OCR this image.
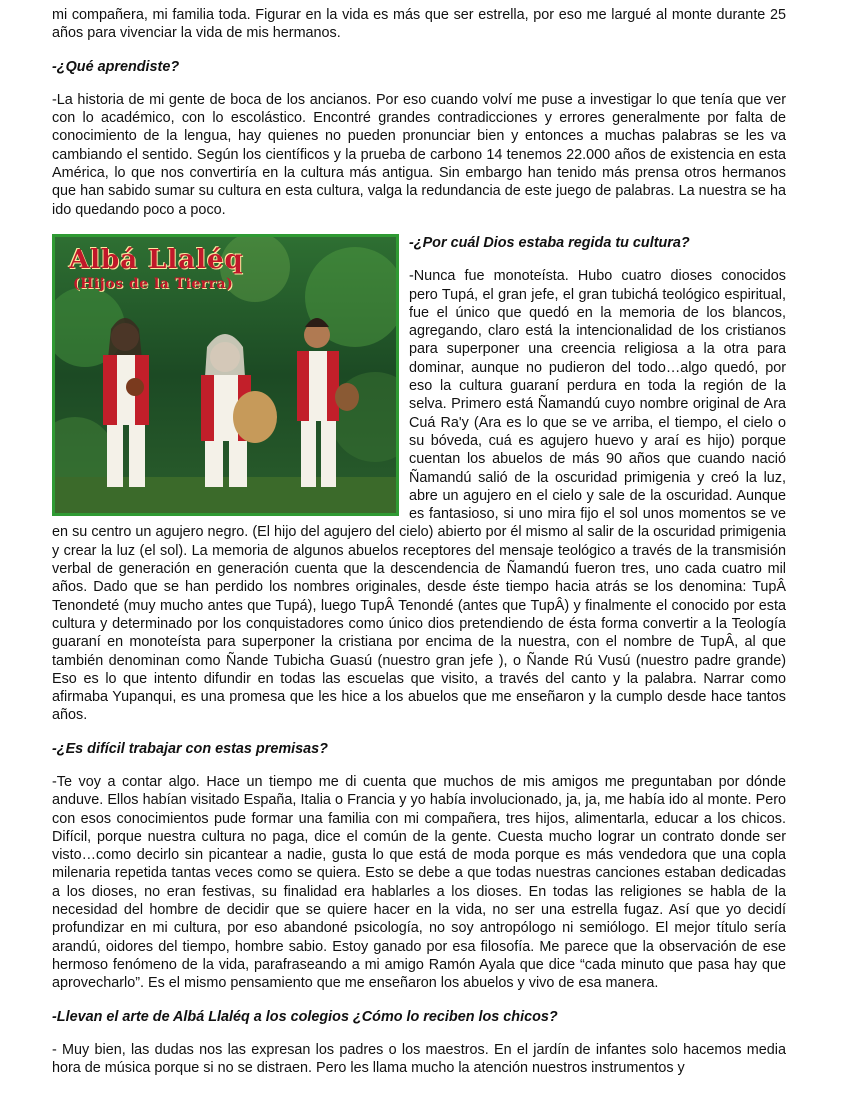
mi compañera, mi familia toda. Figurar en la vida es más que ser estrella, por eso me largué al monte durante 25 años para vivenciar la vida de mis hermanos.

-¿Qué aprendiste?

-La historia de mi gente de boca de los ancianos. Por eso cuando volví me puse a investigar lo que tenía que ver con lo académico, con lo escolástico. Encontré grandes contradicciones y errores generalmente por falta de conocimiento de la lengua, hay quienes no pueden pronunciar bien y entonces a muchas palabras se les va cambiando el sentido. Según los científicos y la prueba de carbono 14 tenemos 22.000 años de existencia en esta América, lo que nos convertiría en la cultura más antigua. Sin embargo han tenido más prensa otros hermanos que han sabido sumar su cultura en esta cultura, valga la redundancia de este juego de palabras. La nuestra se ha ido quedando poco a poco.

Albá Llaléq
(Hijos de la Tierra)

-¿Por cuál Dios estaba regida tu cultura?

-Nunca fue monoteísta. Hubo cuatro dioses conocidos pero Tupá, el gran jefe, el gran tubichá teológico espiritual, fue el único que quedó en la memoria de los blancos, agregando, claro está la intencionalidad de los cristianos para superponer una creencia religiosa a la otra para dominar, aunque no pudieron del todo…algo quedó, por eso la cultura guaraní perdura en toda la región de la selva. Primero está Ñamandú cuyo nombre original de Ara Cuá Ra'y (Ara es lo que se ve arriba, el tiempo, el cielo o su bóveda, cuá es agujero huevo y araí es hijo) porque cuentan los abuelos de más 90 años que cuando nació Ñamandú salió de la oscuridad primigenia y creó la luz, abre un agujero en el cielo y sale de la oscuridad. Aunque es fantasioso, si uno mira fijo el sol unos momentos se ve en su centro un agujero negro. (El hijo del agujero del cielo) abierto por él mismo al salir de la oscuridad primigenia y crear la luz (el sol). La memoria de algunos abuelos receptores del mensaje teológico a través de la transmisión verbal de generación en generación cuenta que la descendencia de Ñamandú fueron tres, uno cada cuatro mil años. Dado que se han perdido los nombres originales, desde éste tiempo hacia atrás se los denomina: TupÂ Tenondeté (muy mucho antes que Tupá), luego TupÂ Tenondé (antes que TupÂ) y finalmente el conocido por esta cultura y determinado por los conquistadores como único dios pretendiendo de ésta forma convertir a la Teología guaraní en monoteísta para superponer la cristiana por encima de la nuestra, con el nombre de TupÂ, al que también denominan como Ñande Tubicha Guasú (nuestro gran jefe ), o Ñande Rú Vusú (nuestro padre grande) Eso es lo que intento difundir en todas las escuelas que visito, a través del canto y la palabra. Narrar como afirmaba Yupanqui, es una promesa que les hice a los abuelos que me enseñaron y la cumplo desde hace tantos años.

-¿Es difícil trabajar con estas premisas?

-Te voy a contar algo. Hace un tiempo me di cuenta que muchos de mis amigos me preguntaban por dónde anduve. Ellos habían visitado España, Italia o Francia y yo había involucionado, ja, ja, me había ido al monte. Pero con esos conocimientos pude formar una familia con mi compañera, tres hijos, alimentarla, educar a los chicos. Difícil, porque nuestra cultura no paga, dice el común de la gente. Cuesta mucho lograr un contrato donde ser visto…como decirlo sin picantear a nadie, gusta lo que está de moda porque es más vendedora que una copla milenaria repetida tantas veces como se quiera. Esto se debe a que todas nuestras canciones estaban dedicadas a los dioses, no eran festivas, su finalidad era hablarles a los dioses. En todas las religiones se habla de la necesidad del hombre de decidir que se quiere hacer en la vida, no ser una estrella fugaz. Así que yo decidí profundizar en mi cultura, por eso abandoné psicología, no soy antropólogo ni semiólogo. El mejor título sería arandú, oidores del tiempo, hombre sabio. Estoy ganado por esa filosofía. Me parece que la observación de ese hermoso fenómeno de la vida, parafraseando a mi amigo Ramón Ayala que dice “cada minuto que pasa hay que aprovecharlo”. Es el mismo pensamiento que me enseñaron los abuelos y vivo de esa manera.

-Llevan el arte de Albá Llaléq a los colegios ¿Cómo lo reciben los chicos?

- Muy bien, las dudas nos las expresan los padres o los maestros. En el jardín de infantes solo hacemos media hora de música porque si no se distraen. Pero les llama mucho la atención nuestros instrumentos y
